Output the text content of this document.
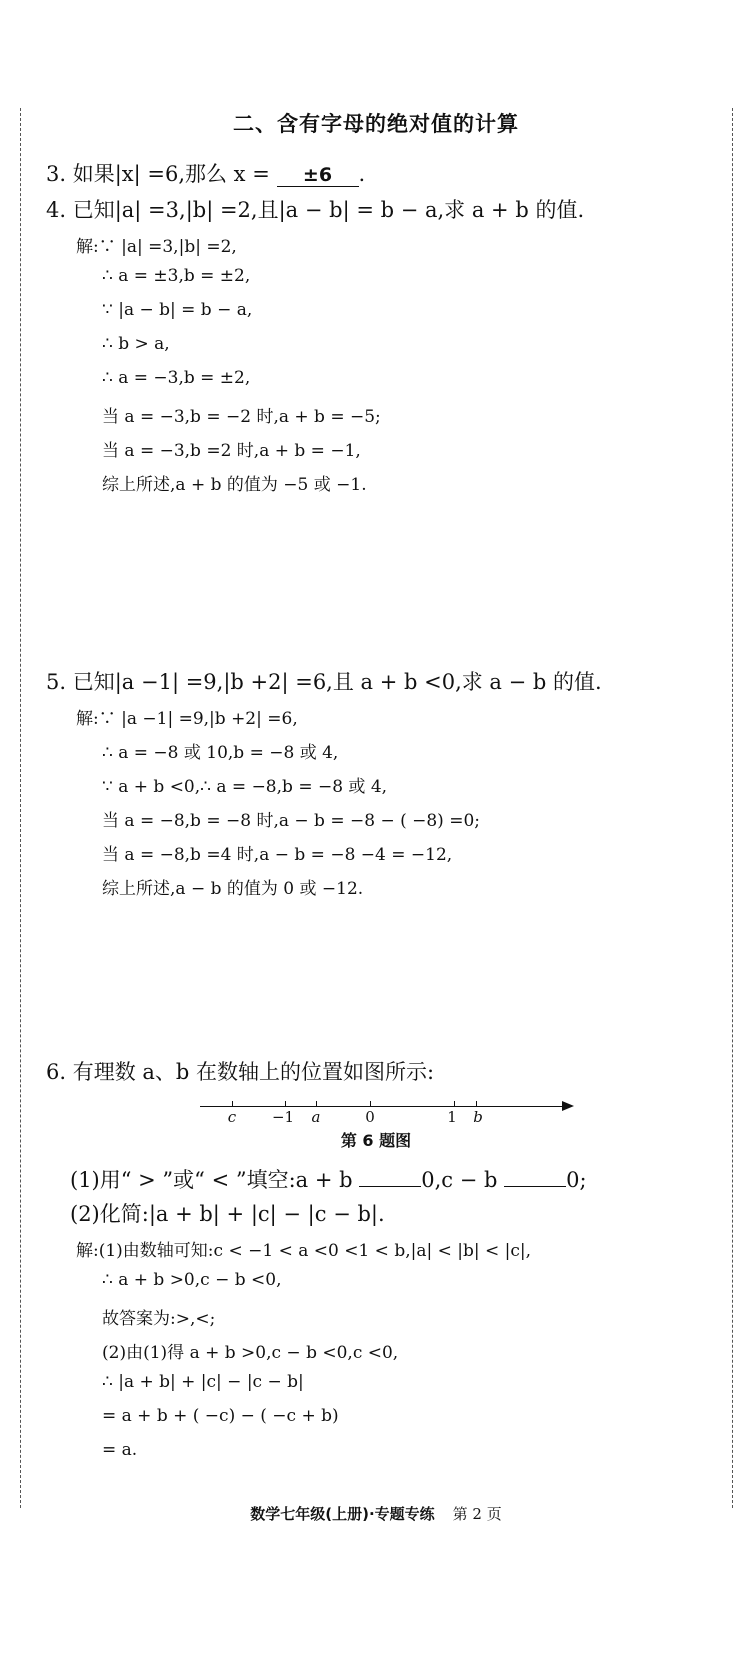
二、含有字母的绝对值的计算
3. 如果|x| =6,那么 x = ±6 .
4. 已知|a| =3,|b| =2,且|a − b| = b − a,求 a + b 的值.
解:∵ |a| =3,|b| =2,
∴ a = ±3,b = ±2,
∵ |a − b| = b − a,
∴ b > a,
∴ a = −3,b = ±2,
当 a = −3,b = −2 时,a + b = −5;
当 a = −3,b =2 时,a + b = −1,
综上所述,a + b 的值为 −5 或 −1.
5. 已知|a −1| =9,|b +2| =6,且 a + b <0,求 a − b 的值.
解:∵ |a −1| =9,|b +2| =6,
∴ a = −8 或 10,b = −8 或 4,
∵ a + b <0,∴ a = −8,b = −8 或 4,
当 a = −8,b = −8 时,a − b = −8 − ( −8) =0;
当 a = −8,b =4 时,a − b = −8 −4 = −12,
综上所述,a − b 的值为 0 或 −12.
6. 有理数 a、b 在数轴上的位置如图所示:
c	−1	a	0	1	b
第 6 题图
(1)用“ > ”或“ < ”填空:a + b	0,c − b	0;
(2)化简:|a + b| + |c| − |c − b|.
解:(1)由数轴可知:c < −1 < a <0 <1 < b,|a| < |b| < |c|,
∴ a + b >0,c − b <0,
故答案为:>,<;
(2)由(1)得 a + b >0,c − b <0,c <0,
∴ |a + b| + |c| − |c − b|
= a + b + ( −c) − ( −c + b)
= a.
数学七年级(上册)·专题专练 第 2 页
